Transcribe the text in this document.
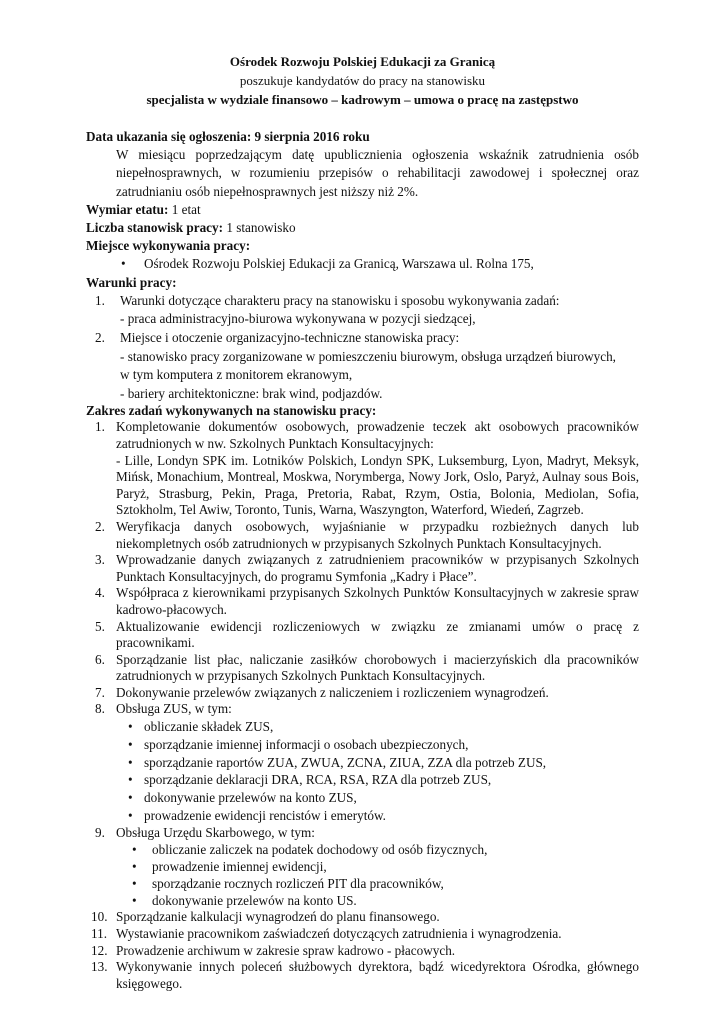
Ośrodek Rozwoju Polskiej Edukacji za Granicą
poszukuje kandydatów do pracy na stanowisku
specjalista w wydziale finansowo – kadrowym – umowa o pracę na zastępstwo

Data ukazania się ogłoszenia: 9 sierpnia 2016 roku

W miesiącu poprzedzającym datę upublicznienia ogłoszenia wskaźnik zatrudnienia osób niepełnosprawnych, w rozumieniu przepisów o rehabilitacji zawodowej i społecznej oraz zatrudnianiu osób niepełnosprawnych jest niższy niż 2%.

Wymiar etatu: 1 etat

Liczba stanowisk pracy: 1 stanowisko

Miejsce wykonywania pracy:

• Ośrodek Rozwoju Polskiej Edukacji za Granicą, Warszawa ul. Rolna 175,

Warunki pracy:

1. Warunki dotyczące charakteru pracy na stanowisku i sposobu wykonywania zadań:
- praca administracyjno-biurowa wykonywana w pozycji siedzącej,
2. Miejsce i otoczenie organizacyjno-techniczne stanowiska pracy:
- stanowisko pracy zorganizowane w pomieszczeniu biurowym, obsługa urządzeń biurowych,
w tym komputera z monitorem ekranowym,
- bariery architektoniczne: brak wind, podjazdów.

Zakres zadań wykonywanych na stanowisku pracy:

1. Kompletowanie dokumentów osobowych, prowadzenie teczek akt osobowych pracowników zatrudnionych w nw. Szkolnych Punktach Konsultacyjnych:
- Lille, Londyn SPK im. Lotników Polskich, Londyn SPK, Luksemburg, Lyon, Madryt, Meksyk, Mińsk, Monachium, Montreal, Moskwa, Norymberga, Nowy Jork, Oslo, Paryż, Aulnay sous Bois, Paryż, Strasburg, Pekin, Praga, Pretoria, Rabat, Rzym, Ostia, Bolonia, Mediolan, Sofia, Sztokholm, Tel Awiw, Toronto, Tunis, Warna, Waszyngton, Waterford, Wiedeń, Zagrzeb.
2. Weryfikacja danych osobowych, wyjaśnianie w przypadku rozbieżnych danych lub niekompletnych osób zatrudnionych w przypisanych Szkolnych Punktach Konsultacyjnych.
3. Wprowadzanie danych związanych z zatrudnieniem pracowników w przypisanych Szkolnych Punktach Konsultacyjnych, do programu Symfonia „Kadry i Płace”.
4. Współpraca z kierownikami przypisanych Szkolnych Punktów Konsultacyjnych w zakresie spraw kadrowo-płacowych.
5. Aktualizowanie ewidencji rozliczeniowych w związku ze zmianami umów o pracę z pracownikami.
6. Sporządzanie list płac, naliczanie zasiłków chorobowych i macierzyńskich dla pracowników zatrudnionych w przypisanych Szkolnych Punktach Konsultacyjnych.
7. Dokonywanie przelewów związanych z naliczeniem i rozliczeniem wynagrodzeń.
8. Obsługa ZUS, w tym:
• obliczanie składek ZUS,
• sporządzanie imiennej informacji o osobach ubezpieczonych,
• sporządzanie raportów ZUA, ZWUA, ZCNA, ZIUA, ZZA dla potrzeb ZUS,
• sporządzanie deklaracji DRA, RCA, RSA, RZA dla potrzeb ZUS,
• dokonywanie przelewów na konto ZUS,
• prowadzenie ewidencji rencistów i emerytów.
9. Obsługa Urzędu Skarbowego, w tym:
• obliczanie zaliczek na podatek dochodowy od osób fizycznych,
• prowadzenie imiennej ewidencji,
• sporządzanie rocznych rozliczeń PIT dla pracowników,
• dokonywanie przelewów na konto US.
10. Sporządzanie kalkulacji wynagrodzeń do planu finansowego.
11. Wystawianie pracownikom zaświadczeń dotyczących zatrudnienia i wynagrodzenia.
12. Prowadzenie archiwum w zakresie spraw kadrowo - płacowych.
13. Wykonywanie innych poleceń służbowych dyrektora, bądź wicedyrektora Ośrodka, głównego księgowego.
